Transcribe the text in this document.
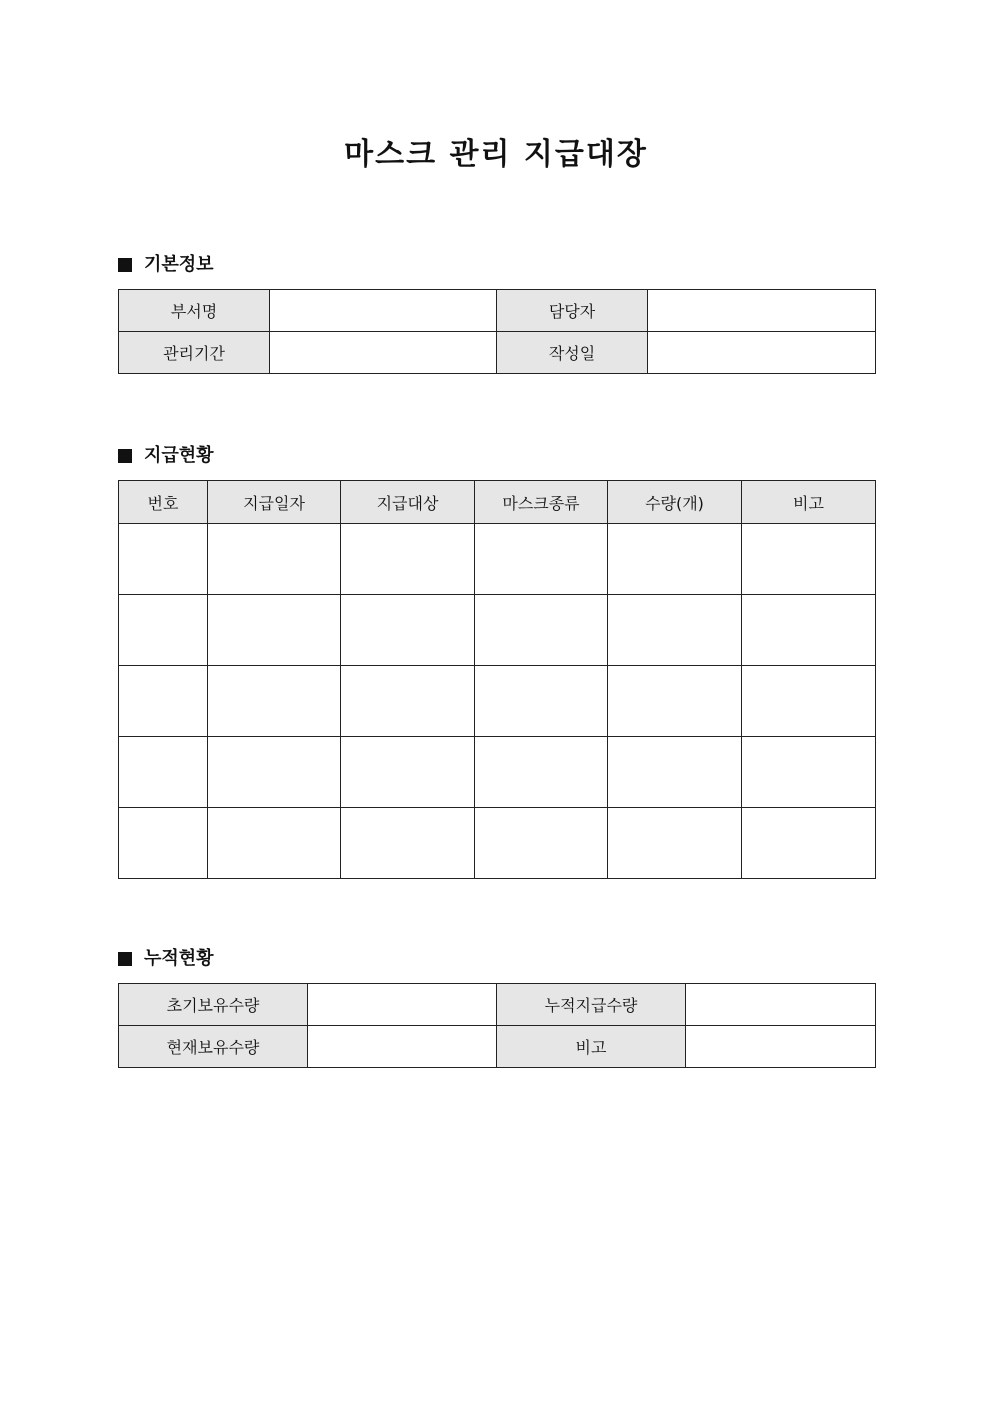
마스크 관리 지급대장
기본정보
부서명		담당자	
관리기간		작성일	
지급현황
번호	지급일자	지급대상	마스크종류	수량(개)	비고

누적현황
초기보유수량		누적지급수량	
현재보유수량		비고	
